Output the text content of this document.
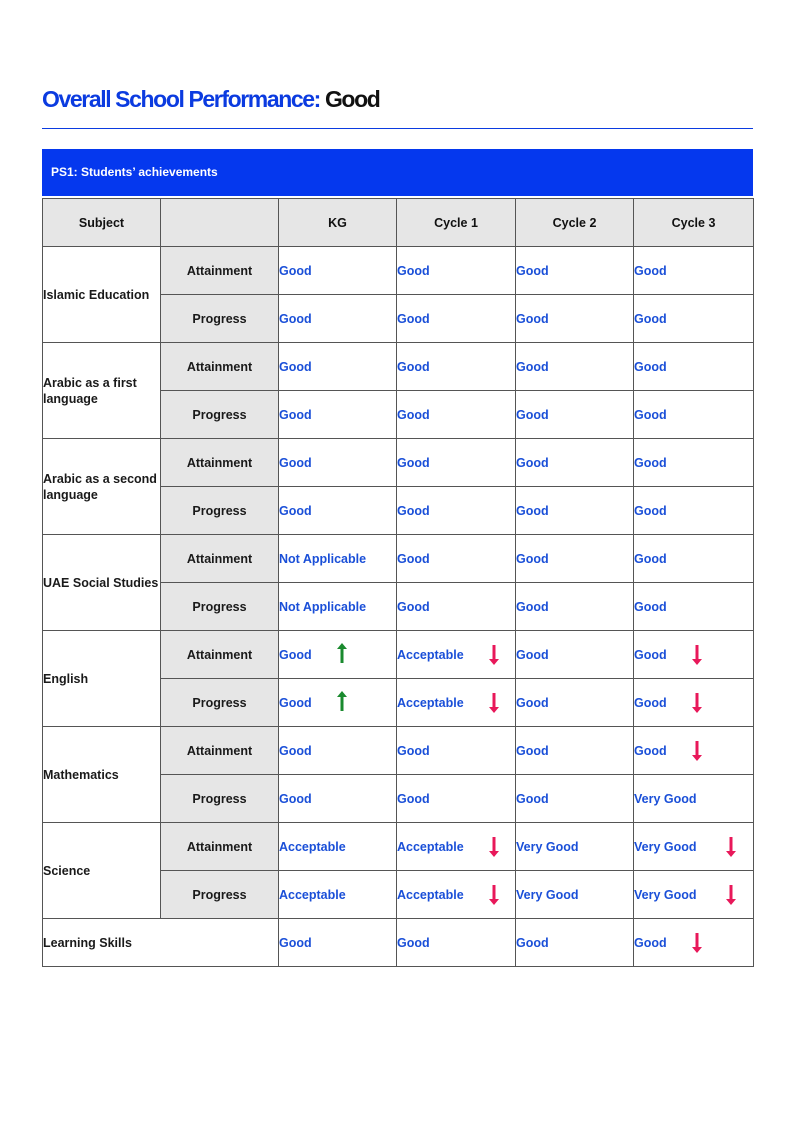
Overall School Performance: Good
PS1: Students’ achievements
Subject		KG	Cycle 1	Cycle 2	Cycle 3
Islamic Education	Attainment	Good	Good	Good	Good
	Progress	Good	Good	Good	Good
Arabic as a first language	Attainment	Good	Good	Good	Good
	Progress	Good	Good	Good	Good
Arabic as a second language	Attainment	Good	Good	Good	Good
	Progress	Good	Good	Good	Good
UAE Social Studies	Attainment	Not Applicable	Good	Good	Good
	Progress	Not Applicable	Good	Good	Good
English	Attainment	Good	Acceptable	Good	Good

	Progress	Good	Acceptable	Good	Good

Mathematics	Attainment	Good	Good	Good	Good

	Progress	Good	Good	Good	Very Good
Science	Attainment	Acceptable	Acceptable	Very Good	Very Good

	Progress	Acceptable	Acceptable	Very Good	Very Good

Learning Skills		Good	Good	Good	Good
